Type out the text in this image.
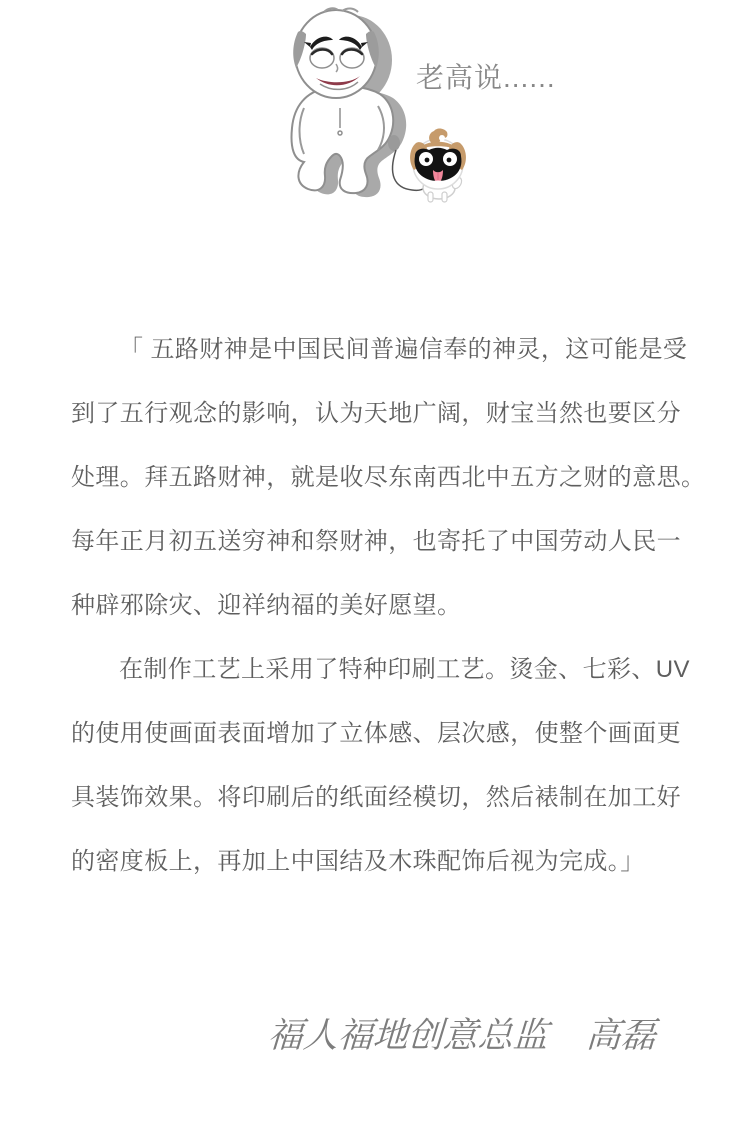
老高说......
「 五路财神是中国民间普遍信奉的神灵，这可能是受
到了五行观念的影响，认为天地广阔，财宝当然也要区分
处理。拜五路财神，就是收尽东南西北中五方之财的意思。
每年正月初五送穷神和祭财神，也寄托了中国劳动人民一
种辟邪除灾、迎祥纳福的美好愿望。
在制作工艺上采用了特种印刷工艺。烫金、七彩、UV
的使用使画面表面增加了立体感、层次感，使整个画面更
具装饰效果。将印刷后的纸面经模切，然后裱制在加工好
的密度板上，再加上中国结及木珠配饰后视为完成。」
福人福地创意总监 高磊
